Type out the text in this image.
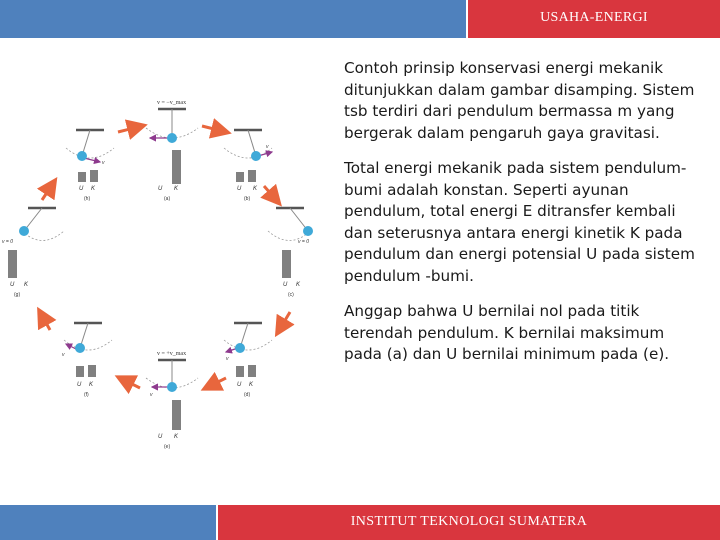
USAHA-ENERGI
v = −v_max
U K
(a)
v
U K
(h)
v
U K
(b)
v = 0
U K
(g)
v = 0
U K
(c)
v
U K
(f)
v
U K
(d)
v = +v_max
v
U K
(e)

Contoh prinsip konservasi energi mekanik ditunjukkan dalam gambar disamping. Sistem tsb terdiri dari pendulum bermassa m yang bergerak dalam pengaruh gaya gravitasi.

Total energi mekanik pada sistem pendulum-bumi adalah konstan. Seperti ayunan pendulum, total energi E ditransfer kembali dan seterusnya antara energi kinetik K pada pendulum dan energi potensial U pada sistem pendulum -bumi.

Anggap bahwa U bernilai nol pada titik terendah pendulum. K bernilai maksimum pada (a) dan U bernilai minimum pada (e).

INSTITUT TEKNOLOGI SUMATERA
